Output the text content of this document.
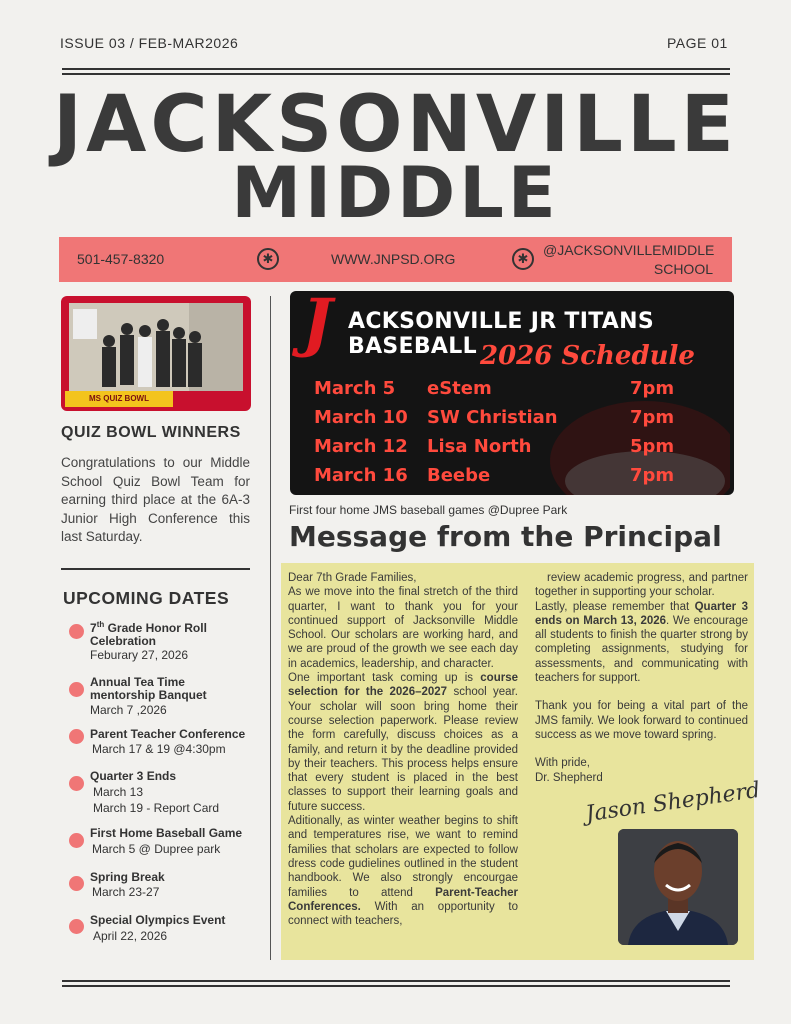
ISSUE 03 / FEB-MAR2026	PAGE 01
JACKSONVILLE
MIDDLE
501-457-8320	✱	WWW.JNPSD.ORG	✱
@JACKSONVILLEMIDDLE
SCHOOL
MS QUIZ BOWL
QUIZ BOWL WINNERS
Congratulations to our Middle School Quiz Bowl Team for earning third place at the 6A-3 Junior High Conference this last Saturday.
UPCOMING DATES
7th Grade Honor Roll
Celebration
Feburary 27, 2026
Annual Tea Time
mentorship Banquet
March 7 ,2026
Parent Teacher Conference
March 17 & 19 @4:30pm
Quarter 3 Ends
March 13
March 19 - Report Card
First Home Baseball Game
March 5 @ Dupree park
Spring Break
March 23-27
Special Olympics Event
April 22, 2026
J ACKSONVILLE JR TITANS BASEBALL 2026 Schedule
March 5 eStem	7pm
March 10 SW Christian	7pm
March 12 Lisa North	5pm
March 16 Beebe	7pm
First four home JMS baseball games @Dupree Park
Message from the Principal

Dear 7th Grade Families,

As we move into the final stretch of the third quarter, I want to thank you for your continued support of Jacksonville Middle School. Our scholars are working hard, and we are proud of the growth we see each day in academics, leadership, and character.

One important task coming up is course selection for the 2026–2027 school year. Your scholar will soon bring home their course selection paperwork. Please review the form carefully, discuss choices as a family, and return it by the deadline provided by their teachers. This process helps ensure that every student is placed in the best classes to support their learning goals and future success.

Aditionally, as winter weather begins to shift and temperatures rise, we want to remind families that scholars are expected to follow dress code gudielines outlined in the student handbook. We also strongly encourgae families to attend Parent-Teacher Conferences. With an opportunity to connect with teachers,

review academic progress, and partner together in supporting your scholar.

Lastly, please remember that Quarter 3 ends on March 13, 2026. We encourage all students to finish the quarter strong by completing assignments, studying for assessments, and communicating with teachers for support.

Thank you for being a vital part of the JMS family. We look forward to continued success as we move toward spring.

With pride,

Dr. Shepherd

Jason Shepherd
